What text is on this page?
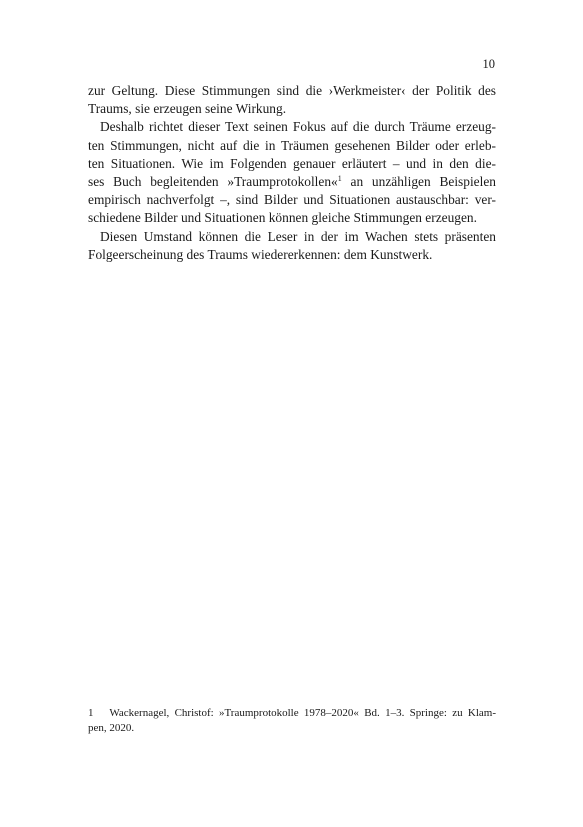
10
zur Geltung. Diese Stimmungen sind die ›Werkmeister‹ der Politik des
Traums, sie erzeugen seine Wirkung.
Deshalb richtet dieser Text seinen Fokus auf die durch Träume erzeug-
ten Stimmungen, nicht auf die in Träumen gesehenen Bilder oder erleb-
ten Situationen. Wie im Folgenden genauer erläutert – und in den die-
ses Buch begleitenden »Traumprotokollen«$^1$ an unzähligen Beispielen
empirisch nachverfolgt –, sind Bilder und Situationen austauschbar: ver-
schiedene Bilder und Situationen können gleiche Stimmungen erzeugen.
Diesen Umstand können die Leser in der im Wachen stets präsenten
Folgeerscheinung des Traums wiedererkennen: dem Kunstwerk.
1 Wackernagel, Christof: »Traumprotokolle 1978–2020« Bd. 1–3. Springe: zu Klam-
pen, 2020.
